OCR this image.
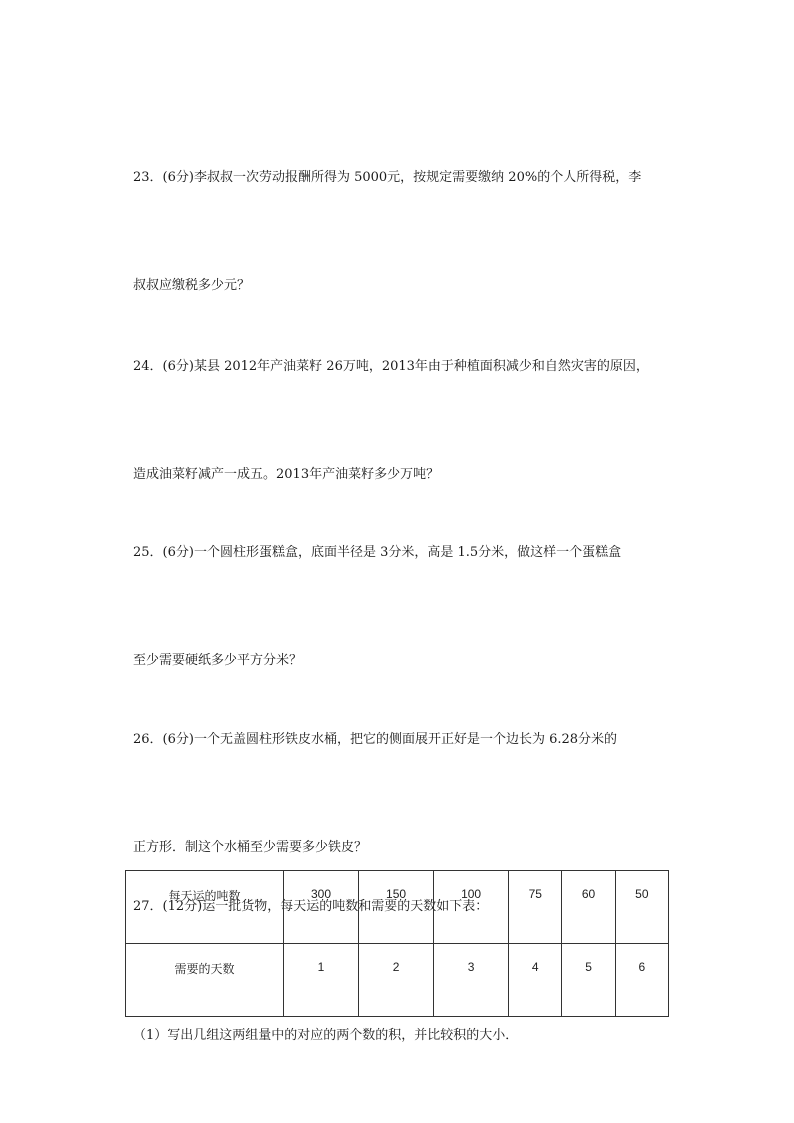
23．(6分)李叔叔一次劳动报酬所得为 5000元，按规定需要缴纳 20%的个人所得税，李

叔叔应缴税多少元？

24．(6分)某县 2012年产油菜籽 26万吨，2013年由于种植面积减少和自然灾害的原因，

造成油菜籽减产一成五。2013年产油菜籽多少万吨？

25．(6分)一个圆柱形蛋糕盒，底面半径是 3分米，高是 1.5分米，做这样一个蛋糕盒

至少需要硬纸多少平方分米？

26．(6分)一个无盖圆柱形铁皮水桶，把它的侧面展开正好是一个边长为 6.28分米的

正方形．制这个水桶至少需要多少铁皮？

27．(12分)运一批货物，每天运的吨数和需要的天数如下表：

每天运的吨数	300	150	100	75	60	50
需要的天数	1	2	3	4	5	6
（1）写出几组这两组量中的对应的两个数的积，并比较积的大小．
